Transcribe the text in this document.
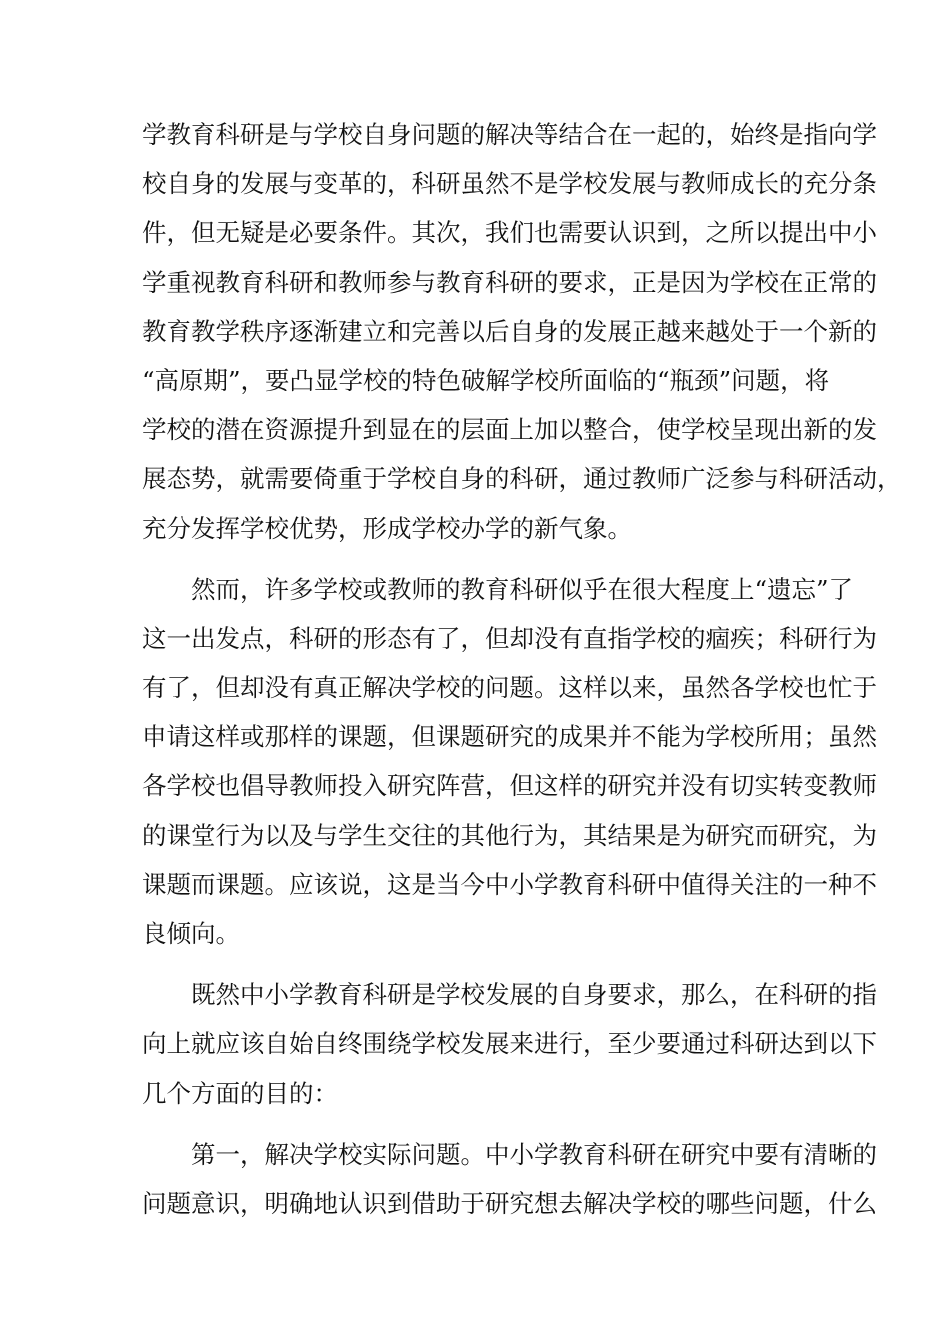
学教育科研是与学校自身问题的解决等结合在一起的，始终是指向学
校自身的发展与变革的，科研虽然不是学校发展与教师成长的充分条
件，但无疑是必要条件。其次，我们也需要认识到，之所以提出中小
学重视教育科研和教师参与教育科研的要求，正是因为学校在正常的
教育教学秩序逐渐建立和完善以后自身的发展正越来越处于一个新的
“高原期”，要凸显学校的特色破解学校所面临的“瓶颈”问题，将
学校的潜在资源提升到显在的层面上加以整合，使学校呈现出新的发
展态势，就需要倚重于学校自身的科研，通过教师广泛参与科研活动，
充分发挥学校优势，形成学校办学的新气象。
　　然而，许多学校或教师的教育科研似乎在很大程度上“遗忘”了
这一出发点，科研的形态有了，但却没有直指学校的痼疾；科研行为
有了，但却没有真正解决学校的问题。这样以来，虽然各学校也忙于
申请这样或那样的课题，但课题研究的成果并不能为学校所用；虽然
各学校也倡导教师投入研究阵营，但这样的研究并没有切实转变教师
的课堂行为以及与学生交往的其他行为，其结果是为研究而研究，为
课题而课题。应该说，这是当今中小学教育科研中值得关注的一种不
良倾向。
　　既然中小学教育科研是学校发展的自身要求，那么，在科研的指
向上就应该自始自终围绕学校发展来进行，至少要通过科研达到以下
几个方面的目的：
　　第一，解决学校实际问题。中小学教育科研在研究中要有清晰的
问题意识，明确地认识到借助于研究想去解决学校的哪些问题，什么
